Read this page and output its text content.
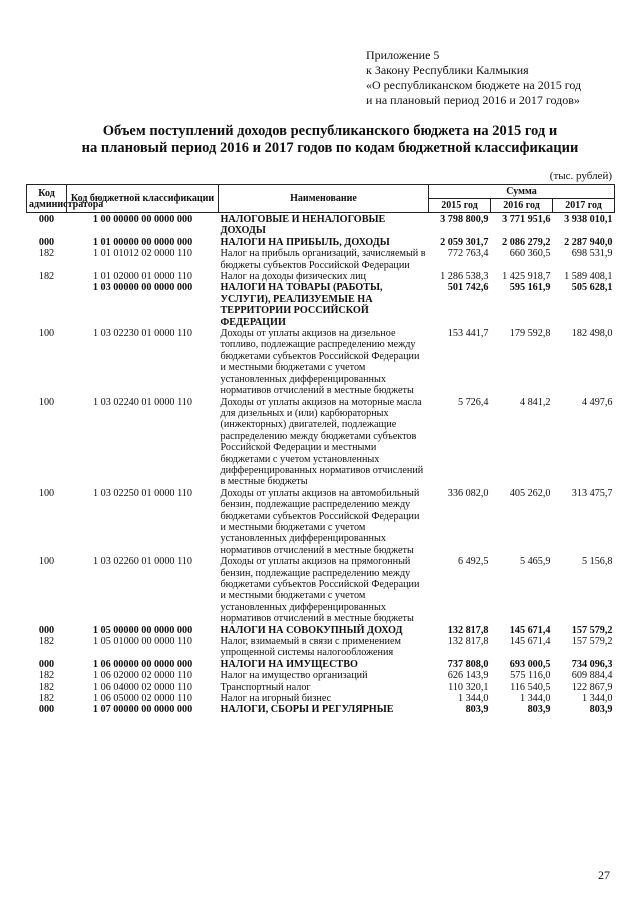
Приложение 5
к Закону Республики Калмыкия
«О республиканском бюджете на 2015 год
и на плановый период 2016 и 2017 годов»
Объем поступлений доходов республиканского бюджета на 2015 год и
на плановый период 2016 и 2017 годов по кодам бюджетной классификации
(тыс. рублей)
Код администратора	Код бюджетной классификации	Наименование	Сумма		
			2015 год	2016 год	2017 год
000	1 00 00000 00 0000 000	НАЛОГОВЫЕ И НЕНАЛОГОВЫЕ ДОХОДЫ	3 798 800,9	3 771 951,6	3 938 010,1
000	1 01 00000 00 0000 000	НАЛОГИ НА ПРИБЫЛЬ, ДОХОДЫ	2 059 301,7	2 086 279,2	2 287 940,0
182	1 01 01012 02 0000 110	Налог на прибыль организаций, зачисляемый в бюджеты субъектов Российской Федерации	772 763,4	660 360,5	698 531,9
182	1 01 02000 01 0000 110	Налог на доходы физических лиц	1 286 538,3	1 425 918,7	1 589 408,1
	1 03 00000 00 0000 000	НАЛОГИ НА ТОВАРЫ (РАБОТЫ, УСЛУГИ), РЕАЛИЗУЕМЫЕ НА ТЕРРИТОРИИ РОССИЙСКОЙ ФЕДЕРАЦИИ	501 742,6	595 161,9	505 628,1
100	1 03 02230 01 0000 110	Доходы от уплаты акцизов на дизельное топливо, подлежащие распределению между бюджетами субъектов Российской Федерации и местными бюджетами с учетом установленных дифференцированных нормативов отчислений в местные бюджеты	153 441,7	179 592,8	182 498,0
100	1 03 02240 01 0000 110	Доходы от уплаты акцизов на моторные масла для дизельных и (или) карбюраторных (инжекторных) двигателей, подлежащие распределению между бюджетами субъектов Российской Федерации и местными бюджетами с учетом установленных дифференцированных нормативов отчислений в местные бюджеты	5 726,4	4 841,2	4 497,6
100	1 03 02250 01 0000 110	Доходы от уплаты акцизов на автомобильный бензин, подлежащие распределению между бюджетами субъектов Российской Федерации и местными бюджетами с учетом установленных дифференцированных нормативов отчислений в местные бюджеты	336 082,0	405 262,0	313 475,7
100	1 03 02260 01 0000 110	Доходы от уплаты акцизов на прямогонный бензин, подлежащие распределению между бюджетами субъектов Российской Федерации и местными бюджетами с учетом установленных дифференцированных нормативов отчислений в местные бюджеты	6 492,5	5 465,9	5 156,8
000	1 05 00000 00 0000 000	НАЛОГИ НА СОВОКУПНЫЙ ДОХОД	132 817,8	145 671,4	157 579,2
182	1 05 01000 00 0000 110	Налог, взимаемый в связи с применением упрощенной системы налогообложения	132 817,8	145 671,4	157 579,2
000	1 06 00000 00 0000 000	НАЛОГИ НА ИМУЩЕСТВО	737 808,0	693 000,5	734 096,3
182	1 06 02000 02 0000 110	Налог на имущество организаций	626 143,9	575 116,0	609 884,4
182	1 06 04000 02 0000 110	Транспортный налог	110 320,1	116 540,5	122 867,9
182	1 06 05000 02 0000 110	Налог на игорный бизнес	1 344,0	1 344,0	1 344,0
000	1 07 00000 00 0000 000	НАЛОГИ, СБОРЫ И РЕГУЛЯРНЫЕ	803,9	803,9	803,9
27
